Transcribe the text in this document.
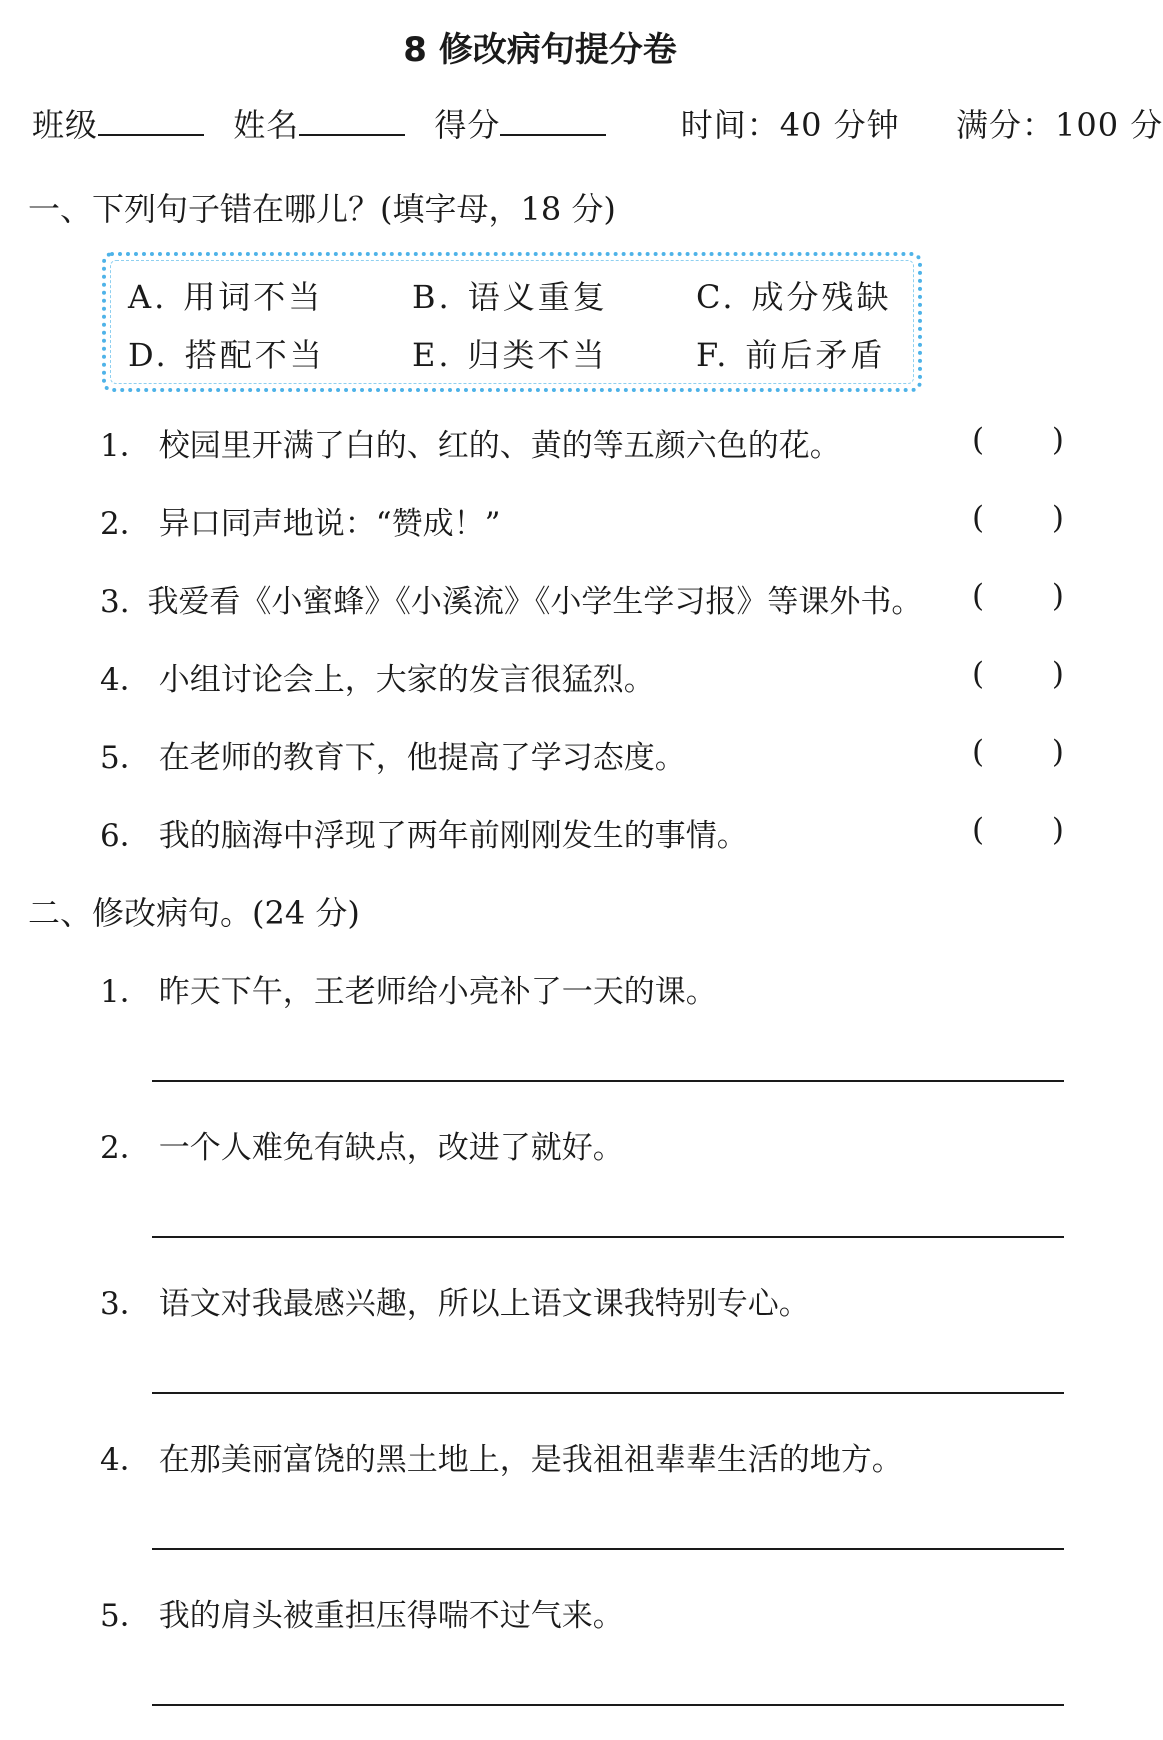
8 修改病句提分卷
班级	姓名	得分	时间：40 分钟 满分：100 分
一、下列句子错在哪儿？(填字母，18 分)
A. 用词不当	B. 语义重复	C. 成分残缺
D. 搭配不当	E. 归类不当	F. 前后矛盾
1． 校园里开满了白的、红的、黄的等五颜六色的花。	( )
2． 异口同声地说：“赞成！”	( )
3. 我爱看《小蜜蜂》《小溪流》《小学生学习报》等课外书。 ( )
4． 小组讨论会上，大家的发言很猛烈。	( )
5． 在老师的教育下，他提高了学习态度。	( )
6． 我的脑海中浮现了两年前刚刚发生的事情。	( )
二、修改病句。(24 分)
1． 昨天下午，王老师给小亮补了一天的课。
2． 一个人难免有缺点，改进了就好。
3． 语文对我最感兴趣，所以上语文课我特别专心。
4． 在那美丽富饶的黑土地上，是我祖祖辈辈生活的地方。
5． 我的肩头被重担压得喘不过气来。
